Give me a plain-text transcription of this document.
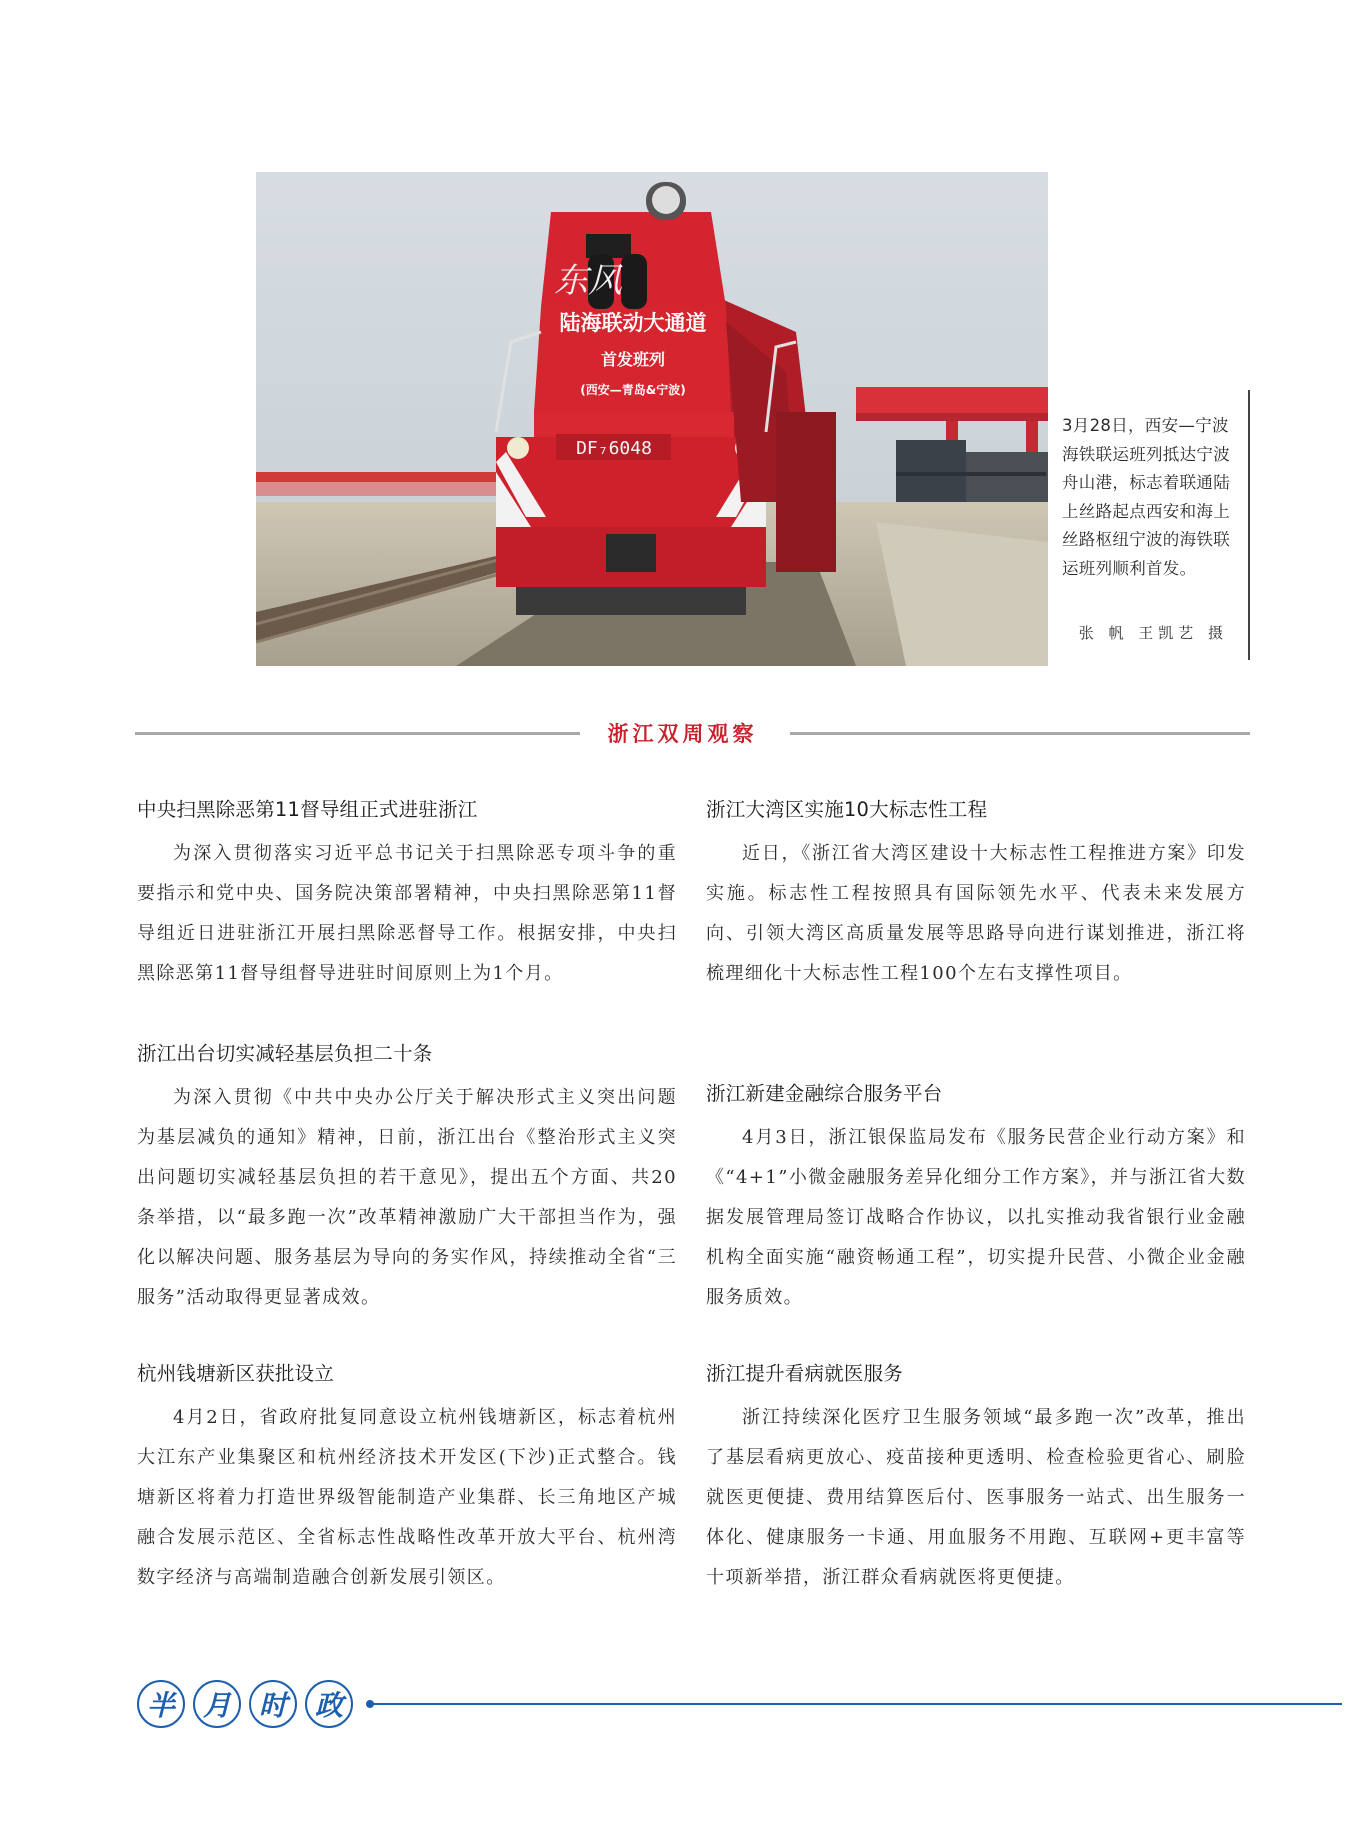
东风
陆海联动大通道
首发班列
(西安—青岛&宁波)
DF₇6048
3月28日，西安—宁波海铁联运班列抵达宁波舟山港，标志着联通陆上丝路起点西安和海上丝路枢纽宁波的海铁联运班列顺利首发。
张 帆 王凯艺 摄
浙江双周观察
中央扫黑除恶第11督导组正式进驻浙江

为深入贯彻落实习近平总书记关于扫黑除恶专项斗争的重要指示和党中央、国务院决策部署精神，中央扫黑除恶第11督导组近日进驻浙江开展扫黑除恶督导工作。根据安排，中央扫黑除恶第11督导组督导进驻时间原则上为1个月。

浙江出台切实减轻基层负担二十条

为深入贯彻《中共中央办公厅关于解决形式主义突出问题为基层减负的通知》精神，日前，浙江出台《整治形式主义突出问题切实减轻基层负担的若干意见》，提出五个方面、共20条举措，以“最多跑一次”改革精神激励广大干部担当作为，强化以解决问题、服务基层为导向的务实作风，持续推动全省“三服务”活动取得更显著成效。

杭州钱塘新区获批设立

4月2日，省政府批复同意设立杭州钱塘新区，标志着杭州大江东产业集聚区和杭州经济技术开发区(下沙)正式整合。钱塘新区将着力打造世界级智能制造产业集群、长三角地区产城融合发展示范区、全省标志性战略性改革开放大平台、杭州湾数字经济与高端制造融合创新发展引领区。

浙江大湾区实施10大标志性工程

近日，《浙江省大湾区建设十大标志性工程推进方案》印发实施。标志性工程按照具有国际领先水平、代表未来发展方向、引领大湾区高质量发展等思路导向进行谋划推进，浙江将梳理细化十大标志性工程100个左右支撑性项目。

浙江新建金融综合服务平台

4月3日，浙江银保监局发布《服务民营企业行动方案》和《“4+1”小微金融服务差异化细分工作方案》，并与浙江省大数据发展管理局签订战略合作协议，以扎实推动我省银行业金融机构全面实施“融资畅通工程”，切实提升民营、小微企业金融服务质效。

浙江提升看病就医服务

浙江持续深化医疗卫生服务领域“最多跑一次”改革，推出了基层看病更放心、疫苗接种更透明、检查检验更省心、刷脸就医更便捷、费用结算医后付、医事服务一站式、出生服务一体化、健康服务一卡通、用血服务不用跑、互联网+更丰富等十项新举措，浙江群众看病就医将更便捷。

半 月 时 政
